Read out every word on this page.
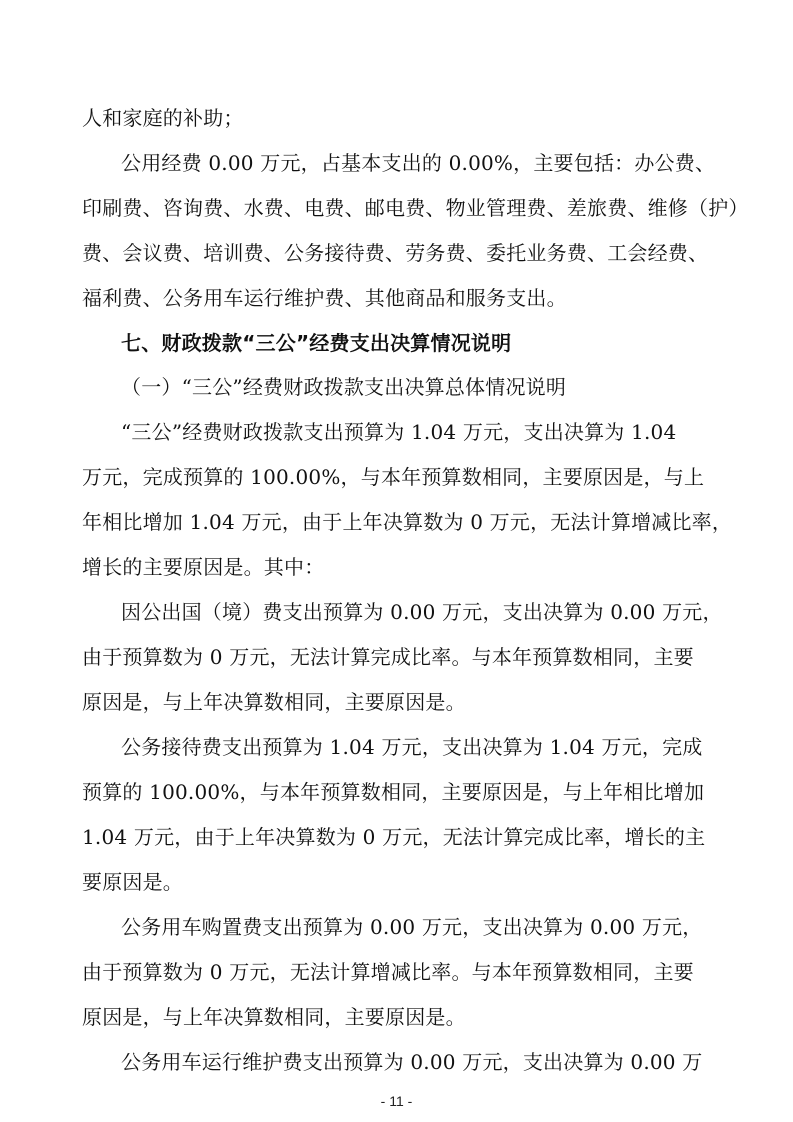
人和家庭的补助；
公用经费 0.00 万元，占基本支出的 0.00%，主要包括：办公费、
印刷费、咨询费、水费、电费、邮电费、物业管理费、差旅费、维修（护）
费、会议费、培训费、公务接待费、劳务费、委托业务费、工会经费、
福利费、公务用车运行维护费、其他商品和服务支出。
七、财政拨款“三公”经费支出决算情况说明
（一）“三公”经费财政拨款支出决算总体情况说明
“三公”经费财政拨款支出预算为 1.04 万元，支出决算为 1.04
万元，完成预算的 100.00%，与本年预算数相同，主要原因是，与上
年相比增加 1.04 万元，由于上年决算数为 0 万元，无法计算增减比率，
增长的主要原因是。其中：
因公出国（境）费支出预算为 0.00 万元，支出决算为 0.00 万元，
由于预算数为 0 万元，无法计算完成比率。与本年预算数相同，主要
原因是，与上年决算数相同，主要原因是。
公务接待费支出预算为 1.04 万元，支出决算为 1.04 万元，完成
预算的 100.00%，与本年预算数相同，主要原因是，与上年相比增加
1.04 万元，由于上年决算数为 0 万元，无法计算完成比率，增长的主
要原因是。
公务用车购置费支出预算为 0.00 万元，支出决算为 0.00 万元，
由于预算数为 0 万元，无法计算增减比率。与本年预算数相同，主要
原因是，与上年决算数相同，主要原因是。
公务用车运行维护费支出预算为 0.00 万元，支出决算为 0.00 万
- 11 -
